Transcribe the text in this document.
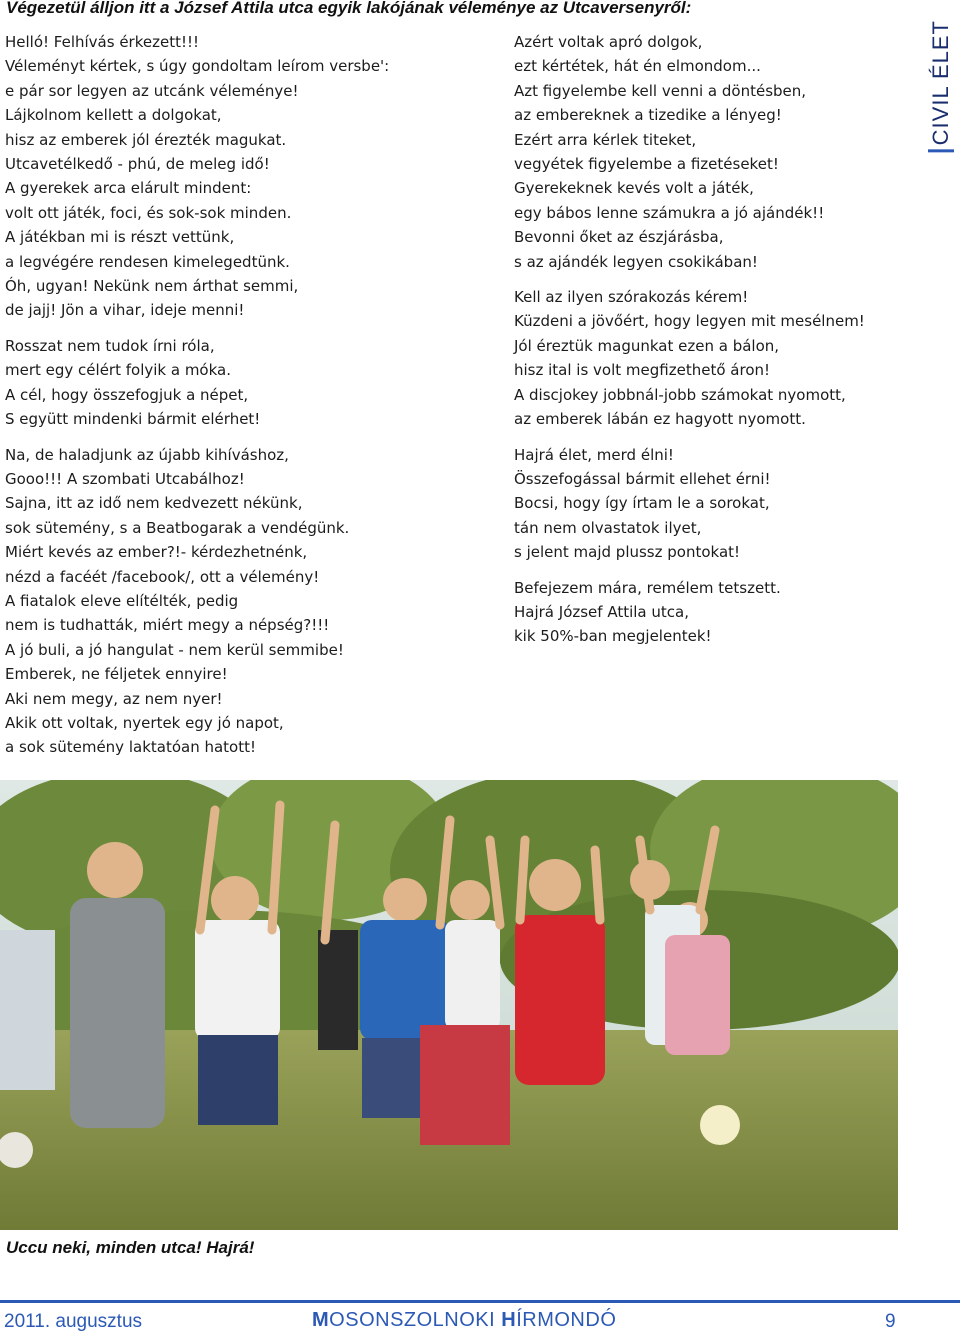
Végezetül álljon itt a József Attila utca egyik lakójának véleménye az Utcaversenyről:
Helló! Felhívás érkezett!!!
Véleményt kértek, s úgy gondoltam leírom versbe':
e pár sor legyen az utcánk véleménye!
Lájkolnom kellett a dolgokat,
hisz az emberek jól érezték magukat.
Utcavetélkedő - phú, de meleg idő!
A gyerekek arca elárult mindent:
volt ott játék, foci, és sok-sok minden.
A játékban mi is részt vettünk,
a legvégére rendesen kimelegedtünk.
Óh, ugyan! Nekünk nem árthat semmi,
de jajj! Jön a vihar, ideje menni!
Rosszat nem tudok írni róla,
mert egy célért folyik a móka.
A cél, hogy összefogjuk a népet,
S együtt mindenki bármit elérhet!
Na, de haladjunk az újabb kihíváshoz,
Gooo!!! A szombati Utcabálhoz!
Sajna, itt az idő nem kedvezett nékünk,
sok sütemény, s a Beatbogarak a vendégünk.
Miért kevés az ember?!- kérdezhetnénk,
nézd a facéét /facebook/, ott a vélemény!
A fiatalok eleve elítélték, pedig
nem is tudhatták, miért megy a népség?!!!
A jó buli, a jó hangulat - nem kerül semmibe!
Emberek, ne féljetek ennyire!
Aki nem megy, az nem nyer!
Akik ott voltak, nyertek egy jó napot,
a sok sütemény laktatóan hatott!
Azért voltak apró dolgok,
ezt kértétek, hát én elmondom...
Azt figyelembe kell venni a döntésben,
az embereknek a tizedike a lényeg!
Ezért arra kérlek titeket,
vegyétek figyelembe a fizetéseket!
Gyerekeknek kevés volt a játék,
egy bábos lenne számukra a jó ajándék!!
Bevonni őket az észjárásba,
s az ajándék legyen csokikában!
Kell az ilyen szórakozás kérem!
Küzdeni a jövőért, hogy legyen mit mesélnem!
Jól éreztük magunkat ezen a bálon,
hisz ital is volt megfizethető áron!
A discjokey jobbnál-jobb számokat nyomott,
az emberek lábán ez hagyott nyomott.
Hajrá élet, merd élni!
Összefogással bármit ellehet érni!
Bocsi, hogy így írtam le a sorokat,
tán nem olvastatok ilyet,
s jelent majd plussz pontokat!
Befejezem mára, remélem tetszett.
Hajrá József Attila utca,
kik 50%-ban megjelentek!
CIVIL ÉLET
Uccu neki, minden utca! Hajrá!
2011. augusztus	MOSONSZOLNOKI HÍRMONDÓ	9
